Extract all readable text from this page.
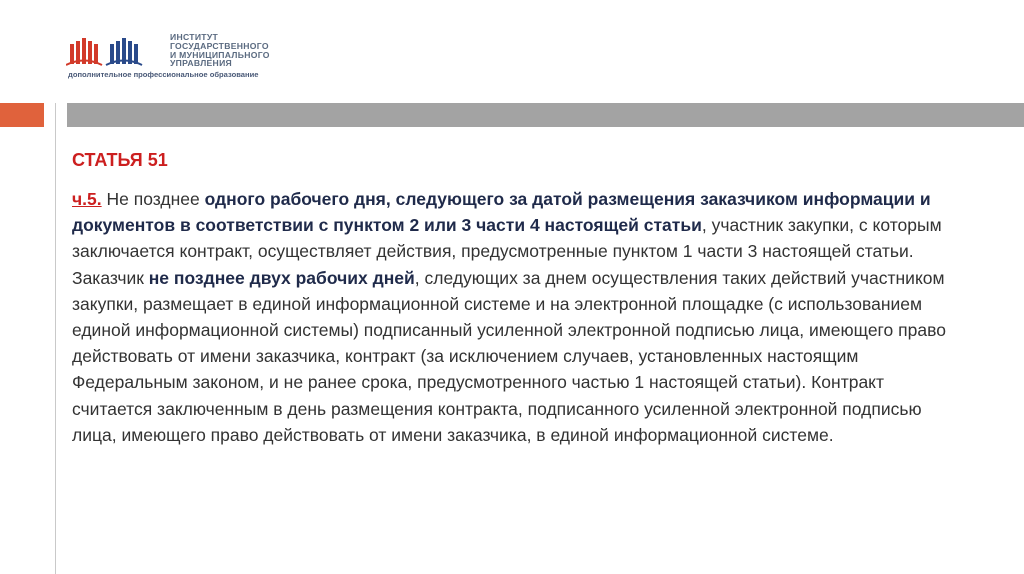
ИНСТИТУТ
ГОСУДАРСТВЕННОГО
И МУНИЦИПАЛЬНОГО
УПРАВЛЕНИЯ
дополнительное профессиональное образование
СТАТЬЯ 51
ч.5. Не позднее одного рабочего дня, следующего за датой размещения заказчиком информации и документов в соответствии с пунктом 2 или 3 части 4 настоящей статьи, участник закупки, с которым заключается контракт, осуществляет действия, предусмотренные пунктом 1 части 3 настоящей статьи. Заказчик не позднее двух рабочих дней, следующих за днем осуществления таких действий участником закупки, размещает в единой информационной системе и на электронной площадке (с использованием единой информационной системы) подписанный усиленной электронной подписью лица, имеющего право действовать от имени заказчика, контракт (за исключением случаев, установленных настоящим Федеральным законом, и не ранее срока, предусмотренного частью 1 настоящей статьи). Контракт считается заключенным в день размещения контракта, подписанного усиленной электронной подписью лица, имеющего право действовать от имени заказчика, в единой информационной системе.
